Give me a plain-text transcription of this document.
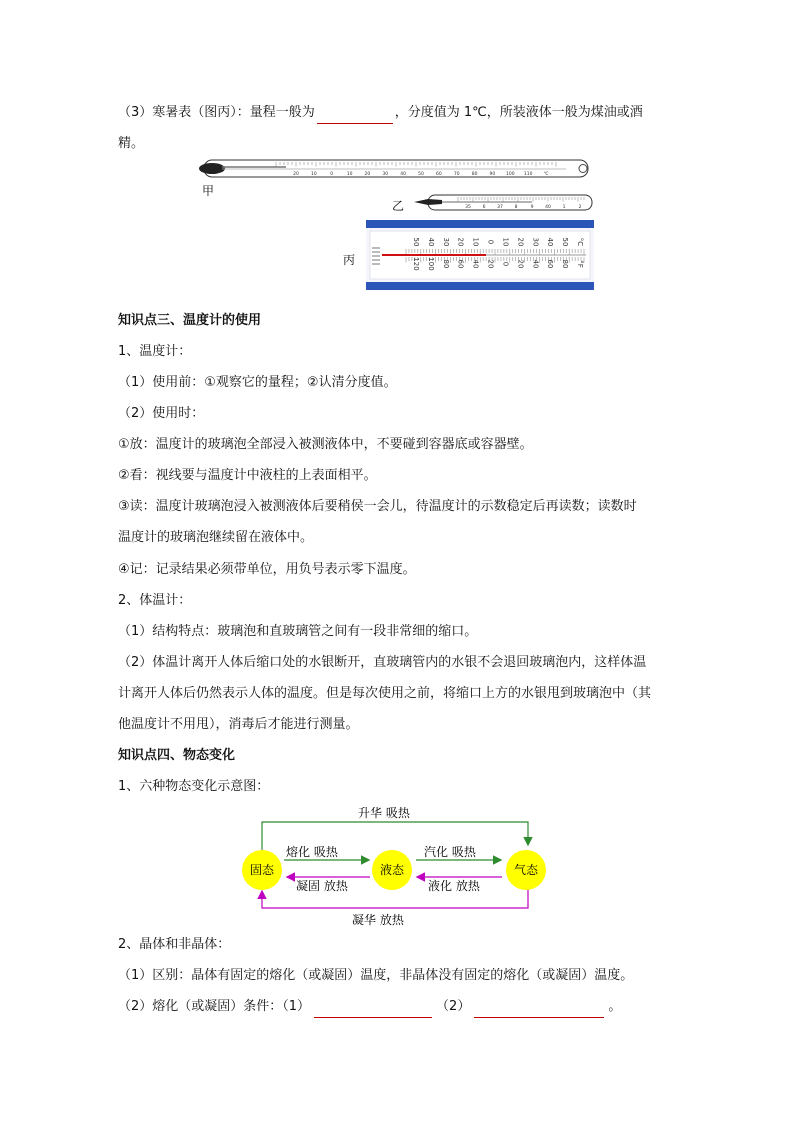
（3）寒暑表（图丙）：量程一般为	，分度值为 1℃，所装液体一般为煤油或酒
精。
20	10	0	10	20	30	40	50	60	70	80	90 100 110 ℃
甲
35	6	37	8	9	40	1	2
乙
50 40 30 20 10 0 10 20 30 40 50 °C
120 100 80 60 40 20 0 20 40 60 80 °F
丙
知识点三、温度计的使用
1、温度计：
（1）使用前：①观察它的量程；②认清分度值。
（2）使用时：
①放：温度计的玻璃泡全部浸入被测液体中，不要碰到容器底或容器壁。
②看：视线要与温度计中液柱的上表面相平。
③读：温度计玻璃泡浸入被测液体后要稍侯一会儿，待温度计的示数稳定后再读数；读数时
温度计的玻璃泡继续留在液体中。
④记：记录结果必须带单位，用负号表示零下温度。
2、体温计：
（1）结构特点：玻璃泡和直玻璃管之间有一段非常细的缩口。
（2）体温计离开人体后缩口处的水银断开，直玻璃管内的水银不会退回玻璃泡内，这样体温
计离开人体后仍然表示人体的温度。但是每次使用之前，将缩口上方的水银甩到玻璃泡中（其
他温度计不用甩），消毒后才能进行测量。
知识点四、物态变化
1、六种物态变化示意图：
升华 吸热
熔化 吸热
凝固 放热
汽化 吸热
液化 放热
凝华 放热
固态	液态	气态
2、晶体和非晶体：
（1）区别：晶体有固定的熔化（或凝固）温度，非晶体没有固定的熔化（或凝固）温度。
（2）熔化（或凝固）条件：（1）	（2）	。
